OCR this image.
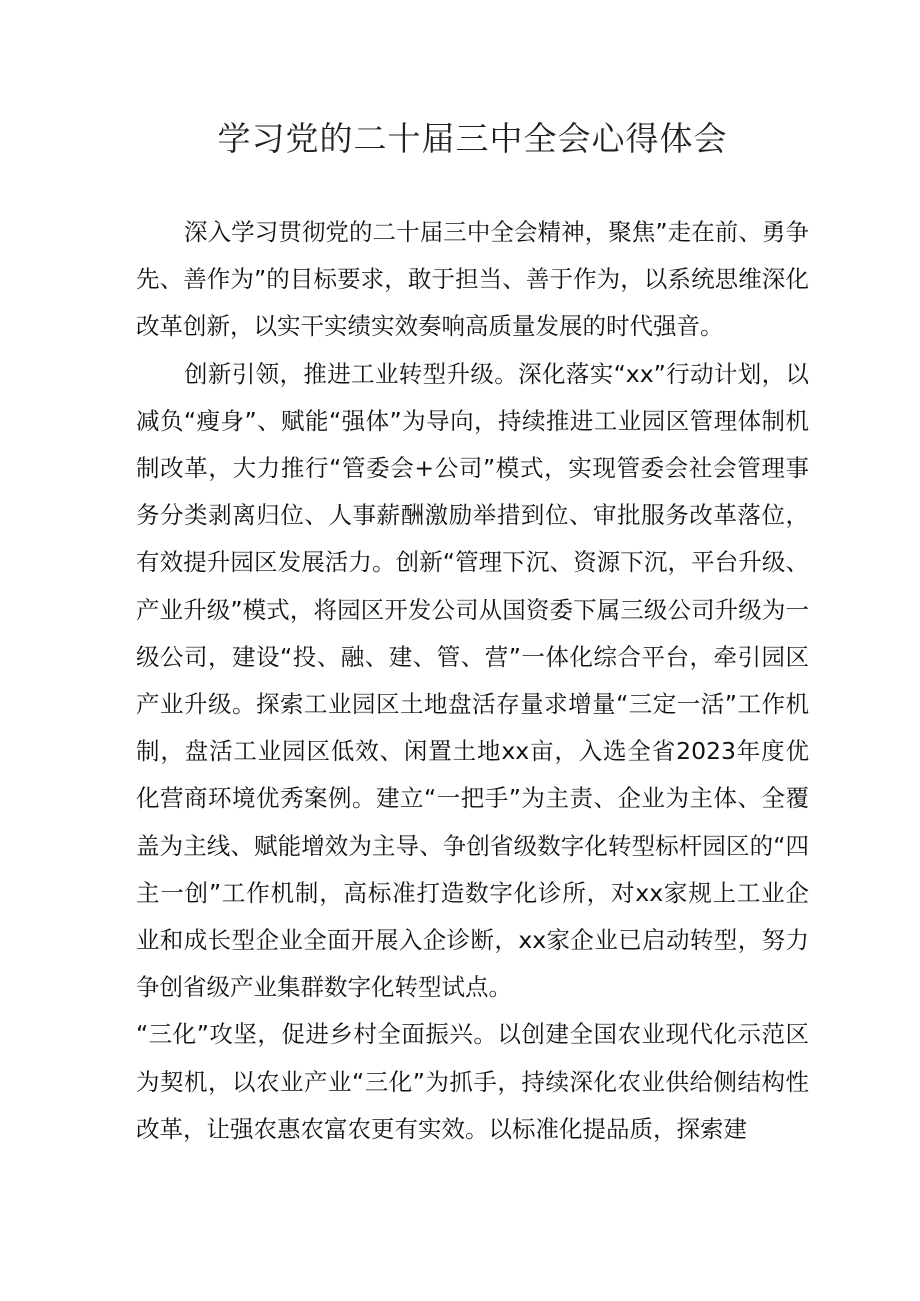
学习党的二十届三中全会心得体会

深入学习贯彻党的二十届三中全会精神，聚焦”走在前、勇争先、善作为”的目标要求，敢于担当、善于作为，以系统思维深化改革创新，以实干实绩实效奏响高质量发展的时代强音。

创新引领，推进工业转型升级。深化落实“xx”行动计划，以减负“瘦身”、赋能“强体”为导向，持续推进工业园区管理体制机制改革，大力推行“管委会+公司”模式，实现管委会社会管理事务分类剥离归位、人事薪酬激励举措到位、审批服务改革落位，有效提升园区发展活力。创新“管理下沉、资源下沉，平台升级、产业升级”模式，将园区开发公司从国资委下属三级公司升级为一级公司，建设“投、融、建、管、营”一体化综合平台，牵引园区产业升级。探索工业园区土地盘活存量求增量“三定一活”工作机制，盘活工业园区低效、闲置土地xx亩，入选全省2023年度优化营商环境优秀案例。建立“一把手”为主责、企业为主体、全覆盖为主线、赋能增效为主导、争创省级数字化转型标杆园区的“四主一创”工作机制，高标准打造数字化诊所，对xx家规上工业企业和成长型企业全面开展入企诊断，xx家企业已启动转型，努力争创省级产业集群数字化转型试点。

“三化”攻坚，促进乡村全面振兴。以创建全国农业现代化示范区为契机，以农业产业“三化”为抓手，持续深化农业供给侧结构性改革，让强农惠农富农更有实效。以标准化提品质，探索建
